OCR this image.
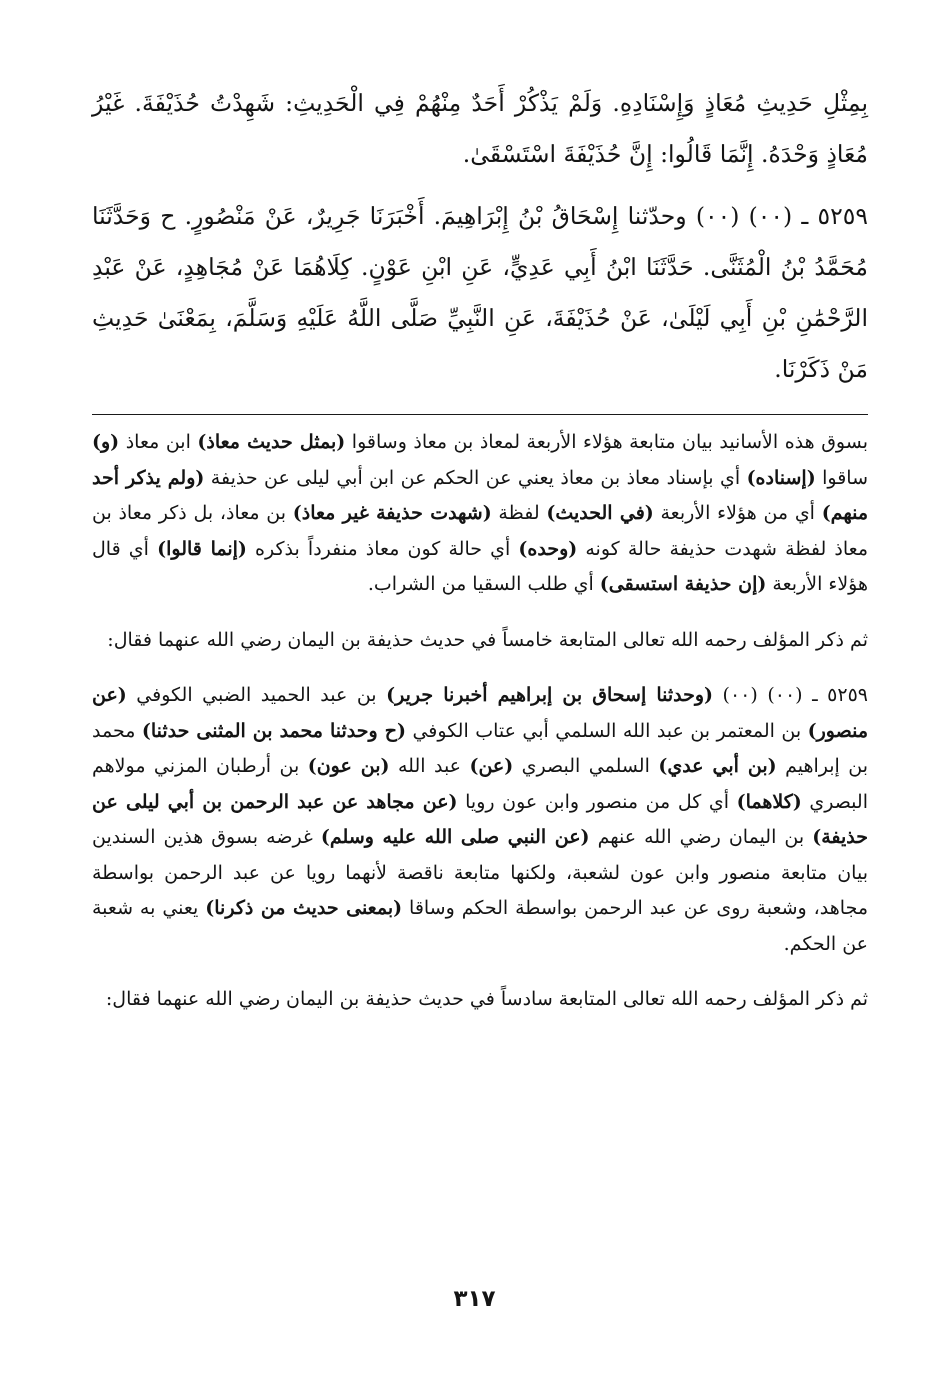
بِمِثْلِ حَدِيثِ مُعَاذٍ وَإِسْنَادِهِ. وَلَمْ يَذْكُرْ أَحَدٌ مِنْهُمْ فِي الْحَدِيثِ: شَهِدْتُ حُذَيْفَةَ. غَيْرُ مُعَاذٍ وَحْدَهُ. إِنَّمَا قَالُوا: إِنَّ حُذَيْفَةَ اسْتَسْقَىٰ.

٥٢٥٩ ـ (٠٠) (٠٠) وحدّثنا إِسْحَاقُ بْنُ إِبْرَاهِيمَ. أَخْبَرَنَا جَرِيرٌ، عَنْ مَنْصُورٍ. ح وَحَدَّثَنَا مُحَمَّدُ بْنُ الْمُثَنَّى. حَدَّثَنَا ابْنُ أَبِي عَدِيٍّ، عَنِ ابْنِ عَوْنٍ. كِلَاهُمَا عَنْ مُجَاهِدٍ، عَنْ عَبْدِ الرَّحْمَٰنِ بْنِ أَبِي لَيْلَىٰ، عَنْ حُذَيْفَةَ، عَنِ النَّبِيِّ صَلَّى اللَّهُ عَلَيْهِ وَسَلَّمَ، بِمَعْنَىٰ حَدِيثِ مَنْ ذَكَرْنَا.

بسوق هذه الأسانيد بيان متابعة هؤلاء الأربعة لمعاذ بن معاذ وساقوا (بمثل حديث معاذ) ابن معاذ (و) ساقوا (إسناده) أي بإسناد معاذ بن معاذ يعني عن الحكم عن ابن أبي ليلى عن حذيفة (ولم يذكر أحد منهم) أي من هؤلاء الأربعة (في الحديث) لفظة (شهدت حذيفة غير معاذ) بن معاذ، بل ذكر معاذ بن معاذ لفظة شهدت حذيفة حالة كونه (وحده) أي حالة كون معاذ منفرداً بذكره (إنما قالوا) أي قال هؤلاء الأربعة (إن حذيفة استسقى) أي طلب السقيا من الشراب.

ثم ذكر المؤلف رحمه الله تعالى المتابعة خامساً في حديث حذيفة بن اليمان رضي الله عنهما فقال:

٥٢٥٩ ـ (٠٠) (٠٠) (وحدثنا إسحاق بن إبراهيم أخبرنا جرير) بن عبد الحميد الضبي الكوفي (عن منصور) بن المعتمر بن عبد الله السلمي أبي عتاب الكوفي (ح وحدثنا محمد بن المثنى حدثنا) محمد بن إبراهيم (بن أبي عدي) السلمي البصري (عن) عبد الله (بن عون) بن أرطبان المزني مولاهم البصري (كلاهما) أي كل من منصور وابن عون رويا (عن مجاهد عن عبد الرحمن بن أبي ليلى عن حذيفة) بن اليمان رضي الله عنهم (عن النبي صلى الله عليه وسلم) غرضه بسوق هذين السندين بيان متابعة منصور وابن عون لشعبة، ولكنها متابعة ناقصة لأنهما رويا عن عبد الرحمن بواسطة مجاهد، وشعبة روى عن عبد الرحمن بواسطة الحكم وساقا (بمعنى حديث من ذكرنا) يعني به شعبة عن الحكم.

ثم ذكر المؤلف رحمه الله تعالى المتابعة سادساً في حديث حذيفة بن اليمان رضي الله عنهما فقال:

٣١٧
